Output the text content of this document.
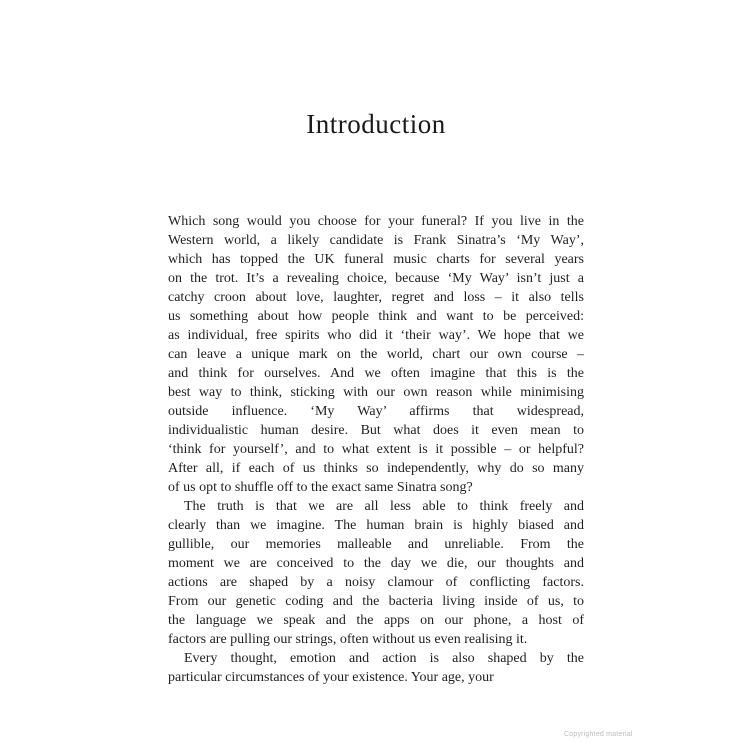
Introduction
Which song would you choose for your funeral? If you live in the
Western world, a likely candidate is Frank Sinatra’s ‘My Way’,
which has topped the UK funeral music charts for several years
on the trot. It’s a revealing choice, because ‘My Way’ isn’t just a
catchy croon about love, laughter, regret and loss – it also tells
us something about how people think and want to be perceived:
as individual, free spirits who did it ‘their way’. We hope that we
can leave a unique mark on the world, chart our own course –
and think for ourselves. And we often imagine that this is the
best way to think, sticking with our own reason while minimising
outside influence. ‘My Way’ affirms that widespread,
individualistic human desire. But what does it even mean to
‘think for yourself’, and to what extent is it possible – or helpful?
After all, if each of us thinks so independently, why do so many
of us opt to shuffle off to the exact same Sinatra song?
The truth is that we are all less able to think freely and
clearly than we imagine. The human brain is highly biased and
gullible, our memories malleable and unreliable. From the
moment we are conceived to the day we die, our thoughts and
actions are shaped by a noisy clamour of conflicting factors.
From our genetic coding and the bacteria living inside of us, to
the language we speak and the apps on our phone, a host of
factors are pulling our strings, often without us even realising it.
Every thought, emotion and action is also shaped by the
particular circumstances of your existence. Your age, your
Copyrighted material
